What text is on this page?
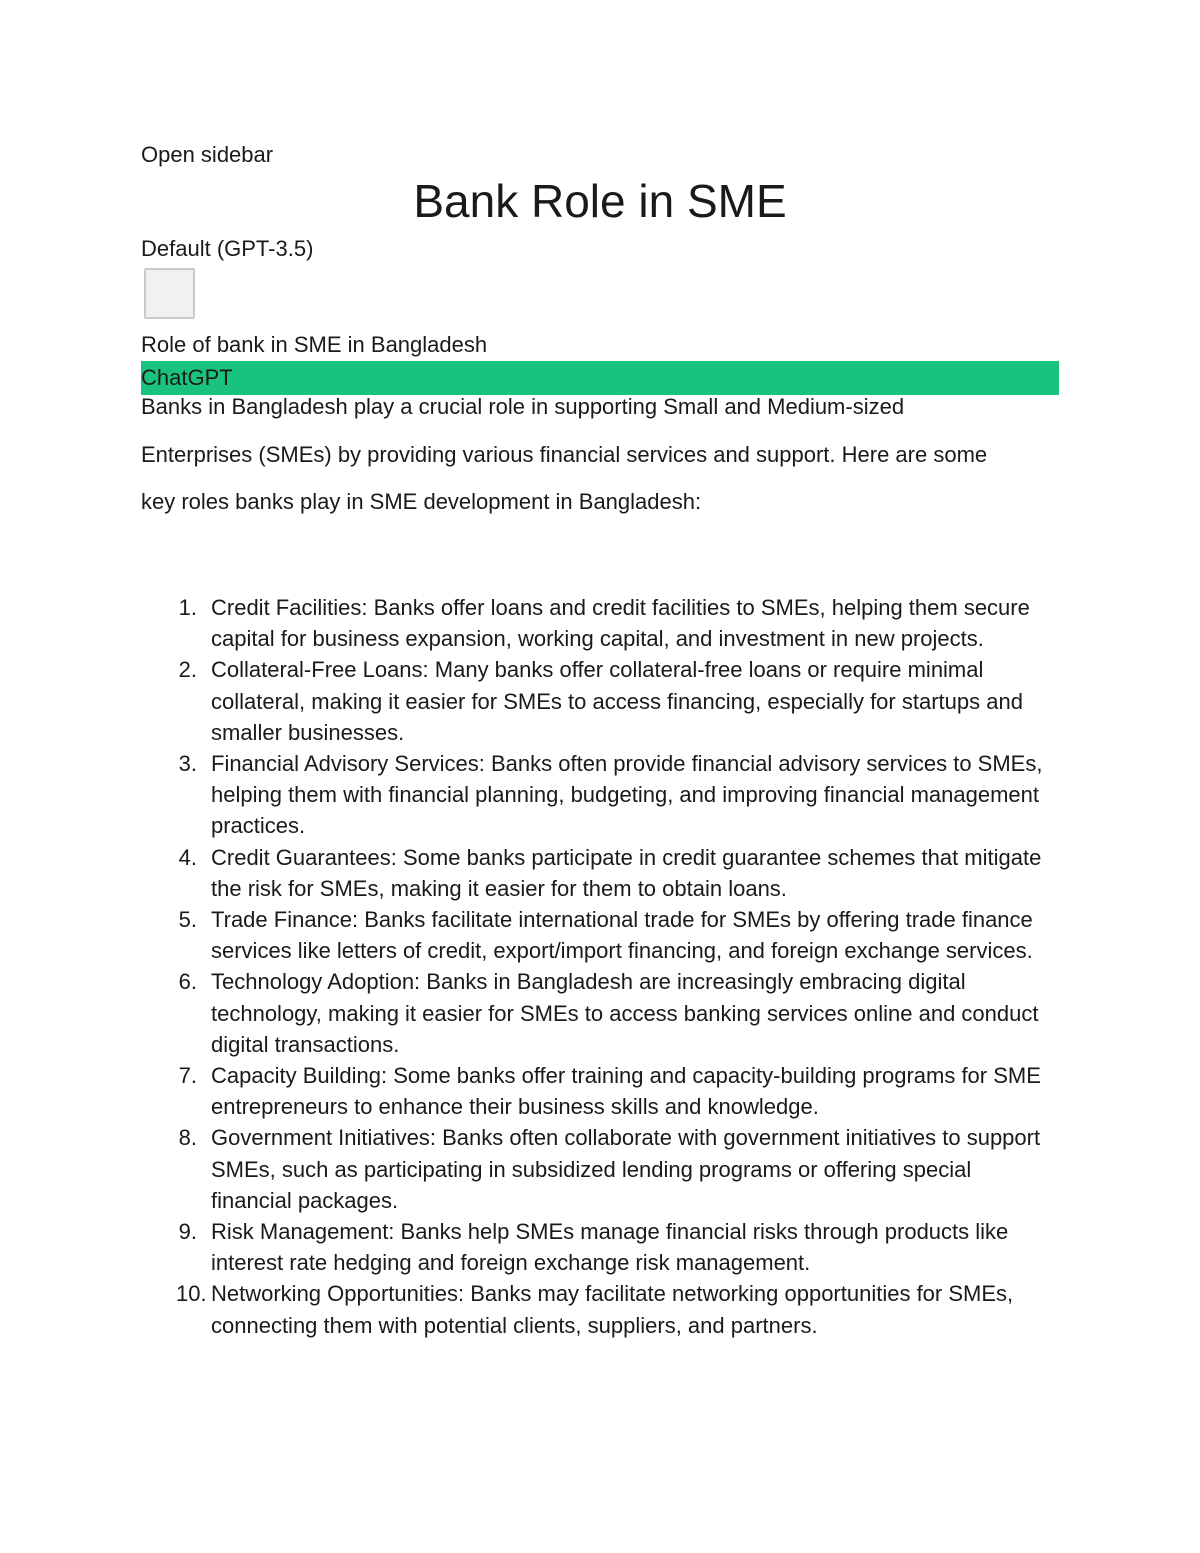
Open sidebar
Bank Role in SME
Default (GPT-3.5)
Role of bank in SME in Bangladesh
ChatGPT
Banks in Bangladesh play a crucial role in supporting Small and Medium-sized
Enterprises (SMEs) by providing various financial services and support. Here are some
key roles banks play in SME development in Bangladesh:
1. Credit Facilities: Banks offer loans and credit facilities to SMEs, helping them secure capital for business expansion, working capital, and investment in new projects.
2. Collateral-Free Loans: Many banks offer collateral-free loans or require minimal collateral, making it easier for SMEs to access financing, especially for startups and smaller businesses.
3. Financial Advisory Services: Banks often provide financial advisory services to SMEs, helping them with financial planning, budgeting, and improving financial management practices.
4. Credit Guarantees: Some banks participate in credit guarantee schemes that mitigate the risk for SMEs, making it easier for them to obtain loans.
5. Trade Finance: Banks facilitate international trade for SMEs by offering trade finance services like letters of credit, export/import financing, and foreign exchange services.
6. Technology Adoption: Banks in Bangladesh are increasingly embracing digital technology, making it easier for SMEs to access banking services online and conduct digital transactions.
7. Capacity Building: Some banks offer training and capacity-building programs for SME entrepreneurs to enhance their business skills and knowledge.
8. Government Initiatives: Banks often collaborate with government initiatives to support SMEs, such as participating in subsidized lending programs or offering special financial packages.
9. Risk Management: Banks help SMEs manage financial risks through products like interest rate hedging and foreign exchange risk management.
10. Networking Opportunities: Banks may facilitate networking opportunities for SMEs, connecting them with potential clients, suppliers, and partners.
